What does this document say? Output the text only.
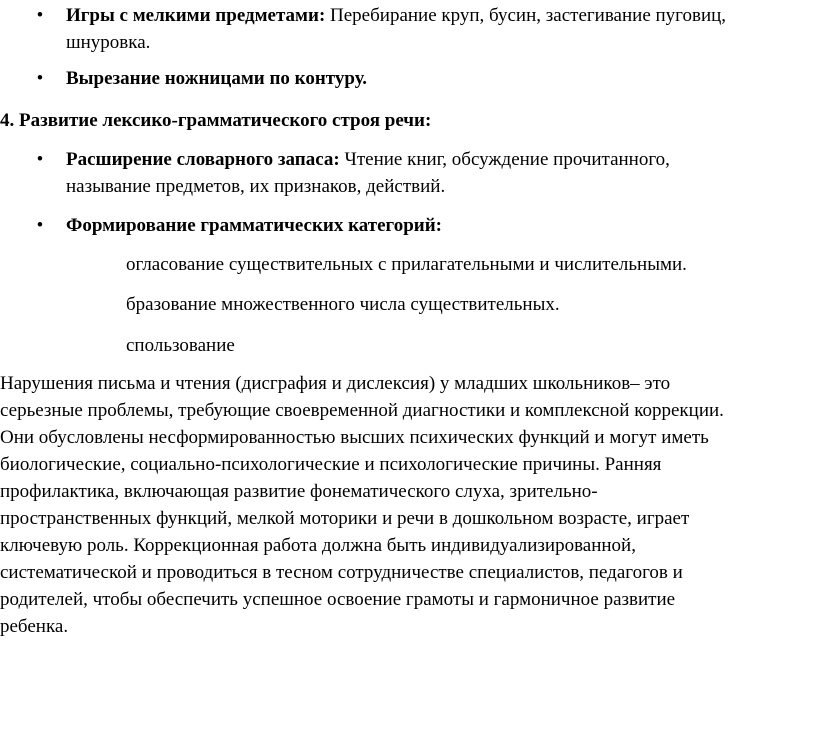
•	Игры с мелкими предметами: Перебирание круп, бусин, застегивание пуговиц,
шнуровка.
•	Вырезание ножницами по контуру.
4. Развитие лексико-грамматического строя речи:
•	Расширение словарного запаса: Чтение книг, обсуждение прочитанного,
называние предметов, их признаков, действий.
•	Формирование грамматических категорий:
огласование существительных с прилагательными и числительными.
бразование множественного числа существительных.
спользование
Нарушения письма и чтения (дисграфия и дислексия) у младших школьников– это
серьезные проблемы, требующие своевременной диагностики и комплексной коррекции.
Они обусловлены несформированностью высших психических функций и могут иметь
биологические, социально-психологические и психологические причины. Ранняя
профилактика, включающая развитие фонематического слуха, зрительно-
пространственных функций, мелкой моторики и речи в дошкольном возрасте, играет
ключевую роль. Коррекционная работа должна быть индивидуализированной,
систематической и проводиться в тесном сотрудничестве специалистов, педагогов и
родителей, чтобы обеспечить успешное освоение грамоты и гармоничное развитие
ребенка.
